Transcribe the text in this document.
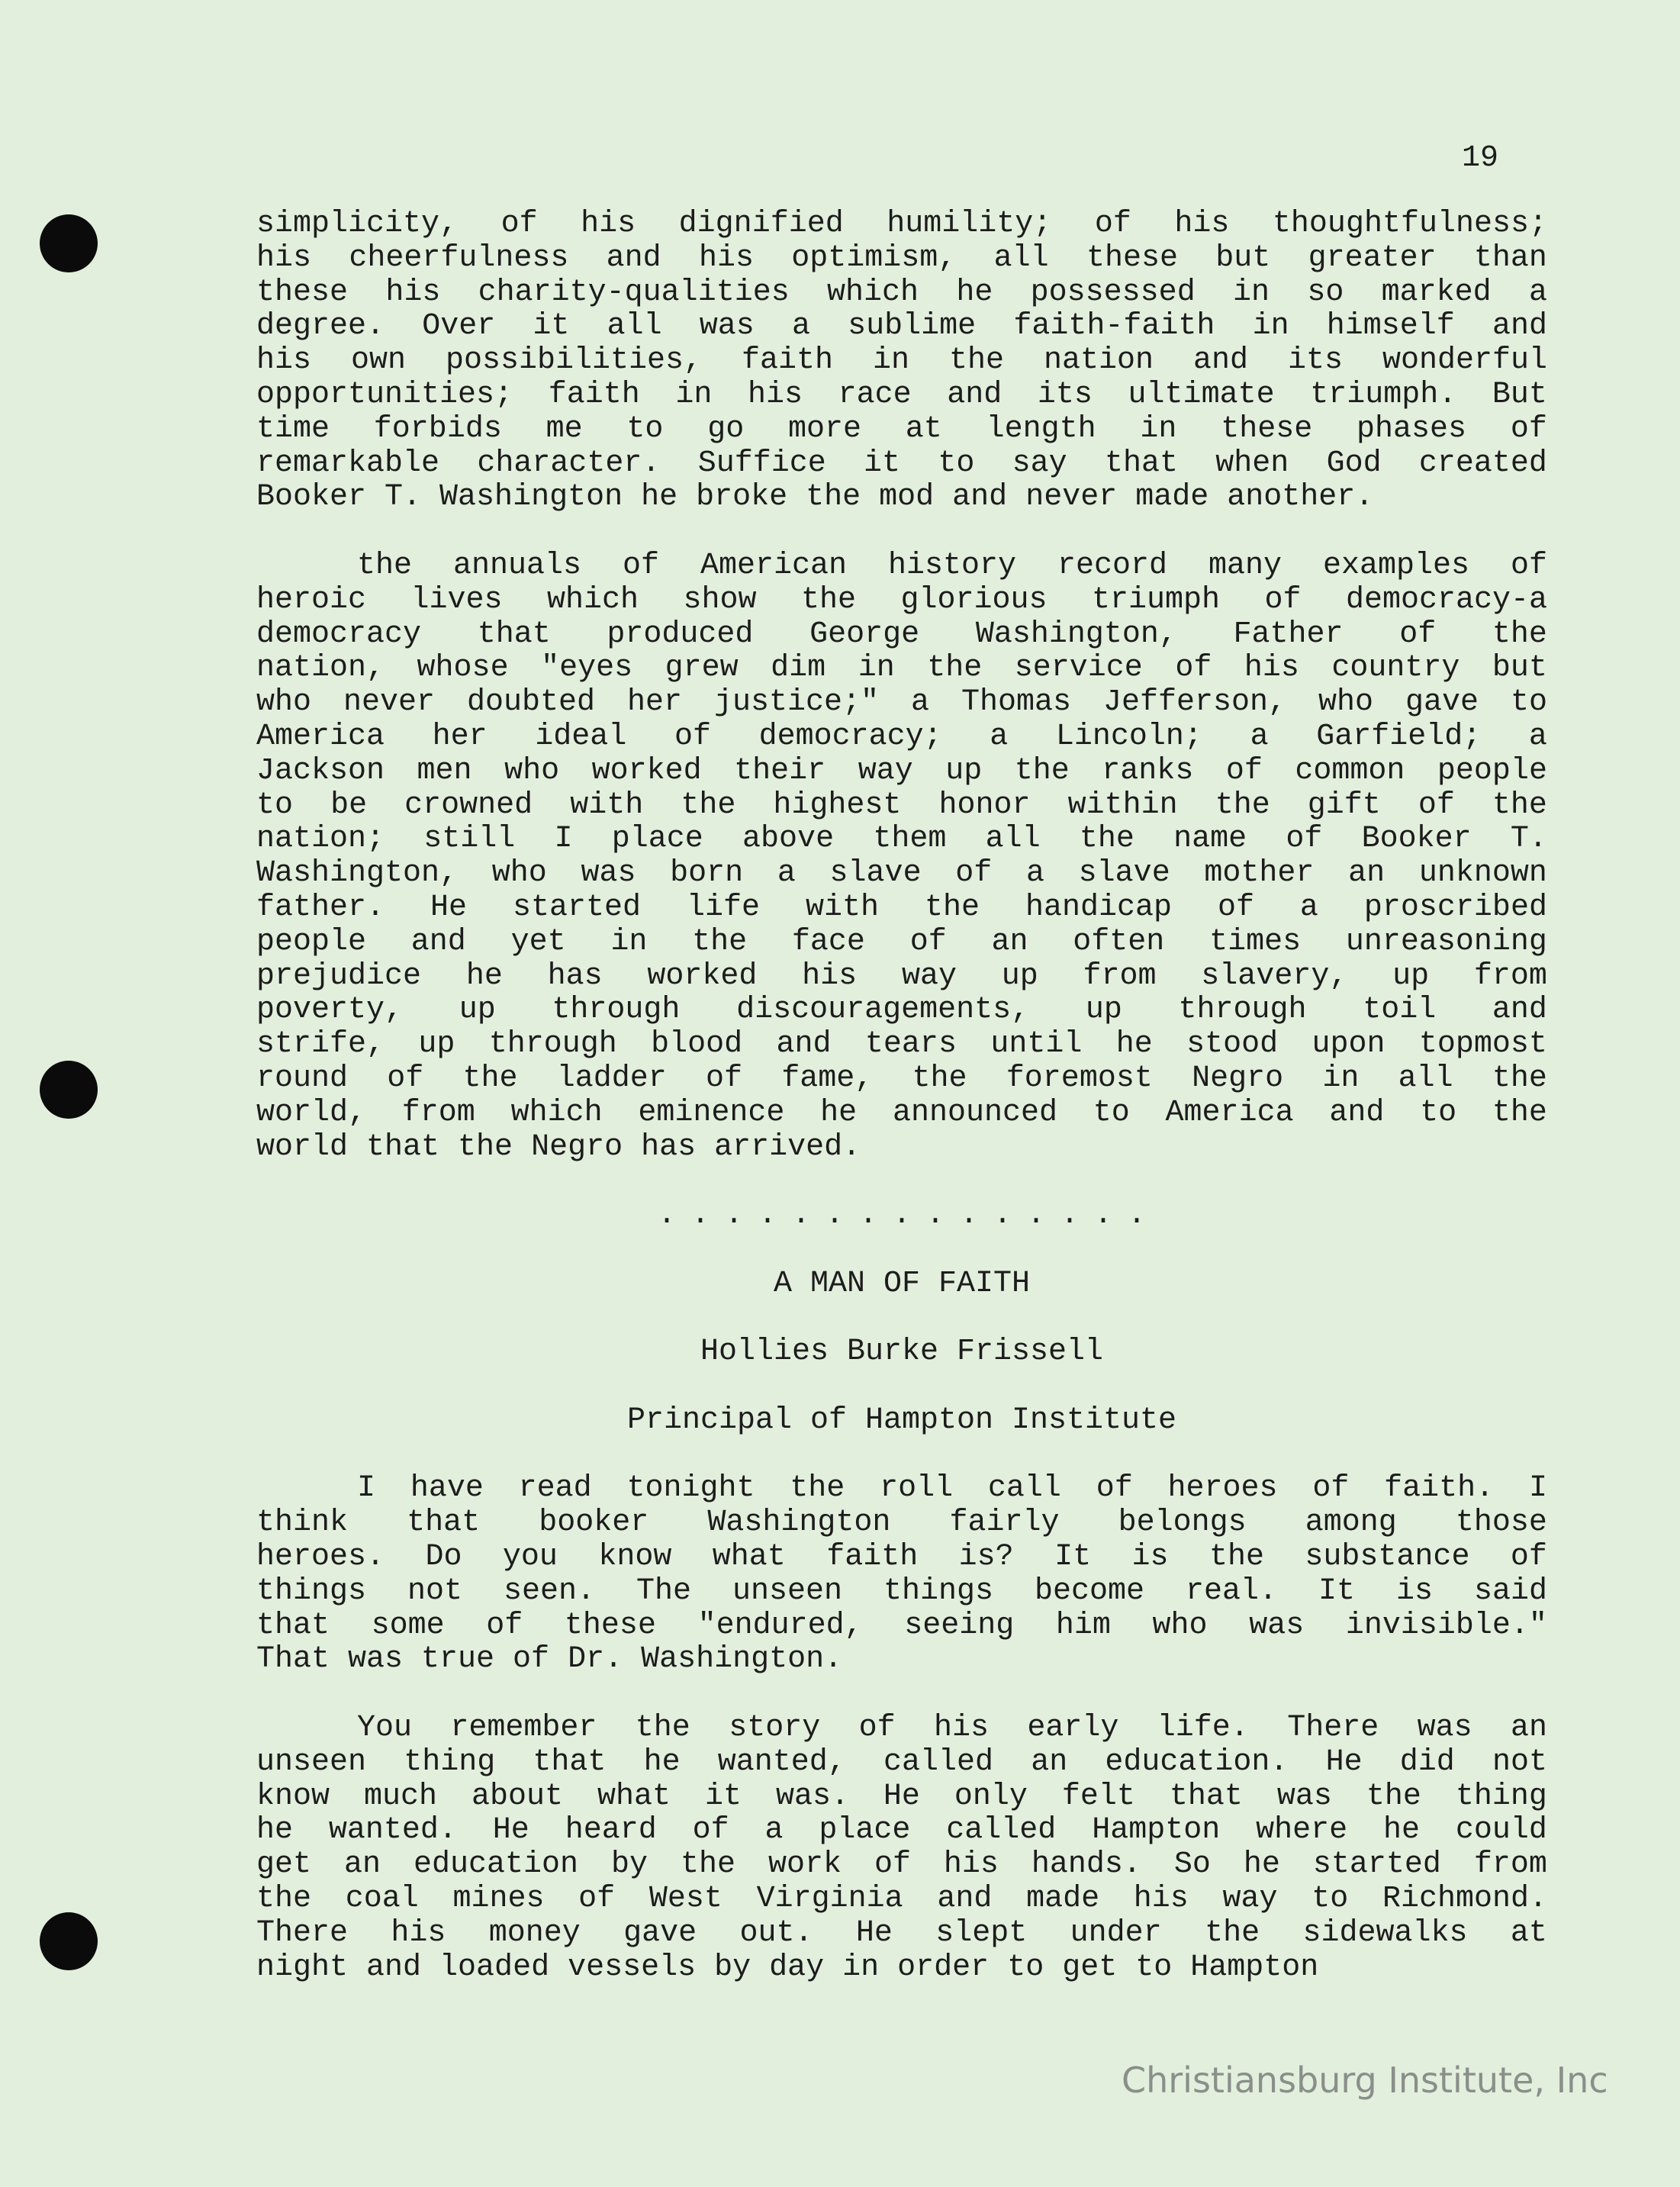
19
simplicity, of his dignified humility; of his thoughtfulness;
his cheerfulness and his optimism, all these but greater than
these his charity-qualities which he possessed in so marked a
degree. Over it all was a sublime faith-faith in himself and
his own possibilities, faith in the nation and its wonderful
opportunities; faith in his race and its ultimate triumph. But
time forbids me to go more at length in these phases of
remarkable character. Suffice it to say that when God created
Booker T. Washington he broke the mod and never made another.
the annuals of American history record many examples of
heroic lives which show the glorious triumph of democracy-a
democracy that produced George Washington, Father of the
nation, whose "eyes grew dim in the service of his country but
who never doubted her justice;" a Thomas Jefferson, who gave to
America her ideal of democracy; a Lincoln; a Garfield; a
Jackson men who worked their way up the ranks of common people
to be crowned with the highest honor within the gift of the
nation; still I place above them all the name of Booker T.
Washington, who was born a slave of a slave mother an unknown
father. He started life with the handicap of a proscribed
people and yet in the face of an often times unreasoning
prejudice he has worked his way up from slavery, up from
poverty, up through discouragements, up through toil and
strife, up through blood and tears until he stood upon topmost
round of the ladder of fame, the foremost Negro in all the
world, from which eminence he announced to America and to the
world that the Negro has arrived.
...............
A MAN OF FAITH
Hollies Burke Frissell
Principal of Hampton Institute
I have read tonight the roll call of heroes of faith. I
think that booker Washington fairly belongs among those
heroes. Do you know what faith is? It is the substance of
things not seen. The unseen things become real. It is said
that some of these "endured, seeing him who was invisible."
That was true of Dr. Washington.
You remember the story of his early life. There was an
unseen thing that he wanted, called an education. He did not
know much about what it was. He only felt that was the thing
he wanted. He heard of a place called Hampton where he could
get an education by the work of his hands. So he started from
the coal mines of West Virginia and made his way to Richmond.
There his money gave out. He slept under the sidewalks at
night and loaded vessels by day in order to get to Hampton
Christiansburg Institute, Inc
